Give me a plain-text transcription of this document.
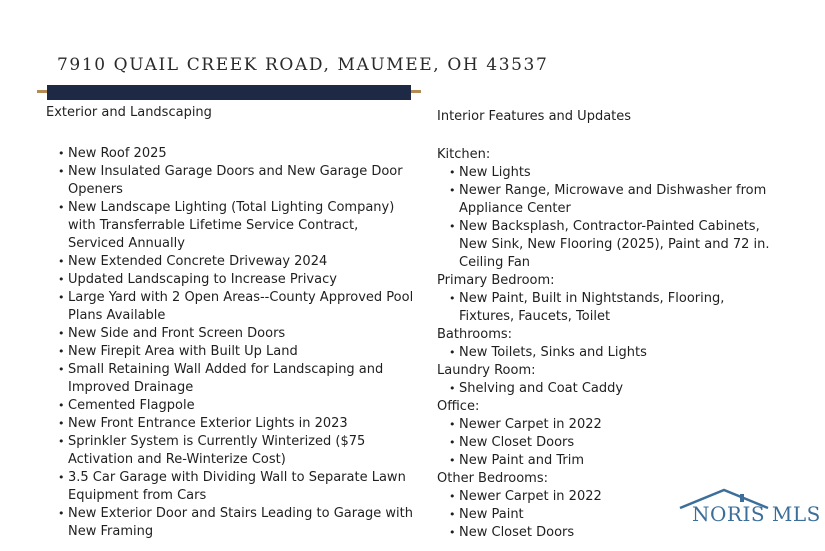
7910 QUAIL CREEK ROAD, MAUMEE, OH 43537
Exterior and Landscaping
• New Roof 2025
• New Insulated Garage Doors and New Garage Door Openers
• New Landscape Lighting (Total Lighting Company) with Transferrable Lifetime Service Contract, Serviced Annually
• New Extended Concrete Driveway 2024
• Updated Landscaping to Increase Privacy
• Large Yard with 2 Open Areas--County Approved Pool Plans Available
• New Side and Front Screen Doors
• New Firepit Area with Built Up Land
• Small Retaining Wall Added for Landscaping and Improved Drainage
• Cemented Flagpole
• New Front Entrance Exterior Lights in 2023
• Sprinkler System is Currently Winterized ($75 Activation and Re-Winterize Cost)
• 3.5 Car Garage with Dividing Wall to Separate Lawn Equipment from Cars
• New Exterior Door and Stairs Leading to Garage with New Framing
Interior Features and Updates
Kitchen:
• New Lights
• Newer Range, Microwave and Dishwasher from Appliance Center
• New Backsplash, Contractor-Painted Cabinets, New Sink, New Flooring (2025), Paint and 72 in. Ceiling Fan
Primary Bedroom:
• New Paint, Built in Nightstands, Flooring, Fixtures, Faucets, Toilet
Bathrooms:
• New Toilets, Sinks and Lights
Laundry Room:
• Shelving and Coat Caddy
Office:
• Newer Carpet in 2022
• New Closet Doors
• New Paint and Trim
Other Bedrooms:
• Newer Carpet in 2022
• New Paint
• New Closet Doors
NORIS MLS
